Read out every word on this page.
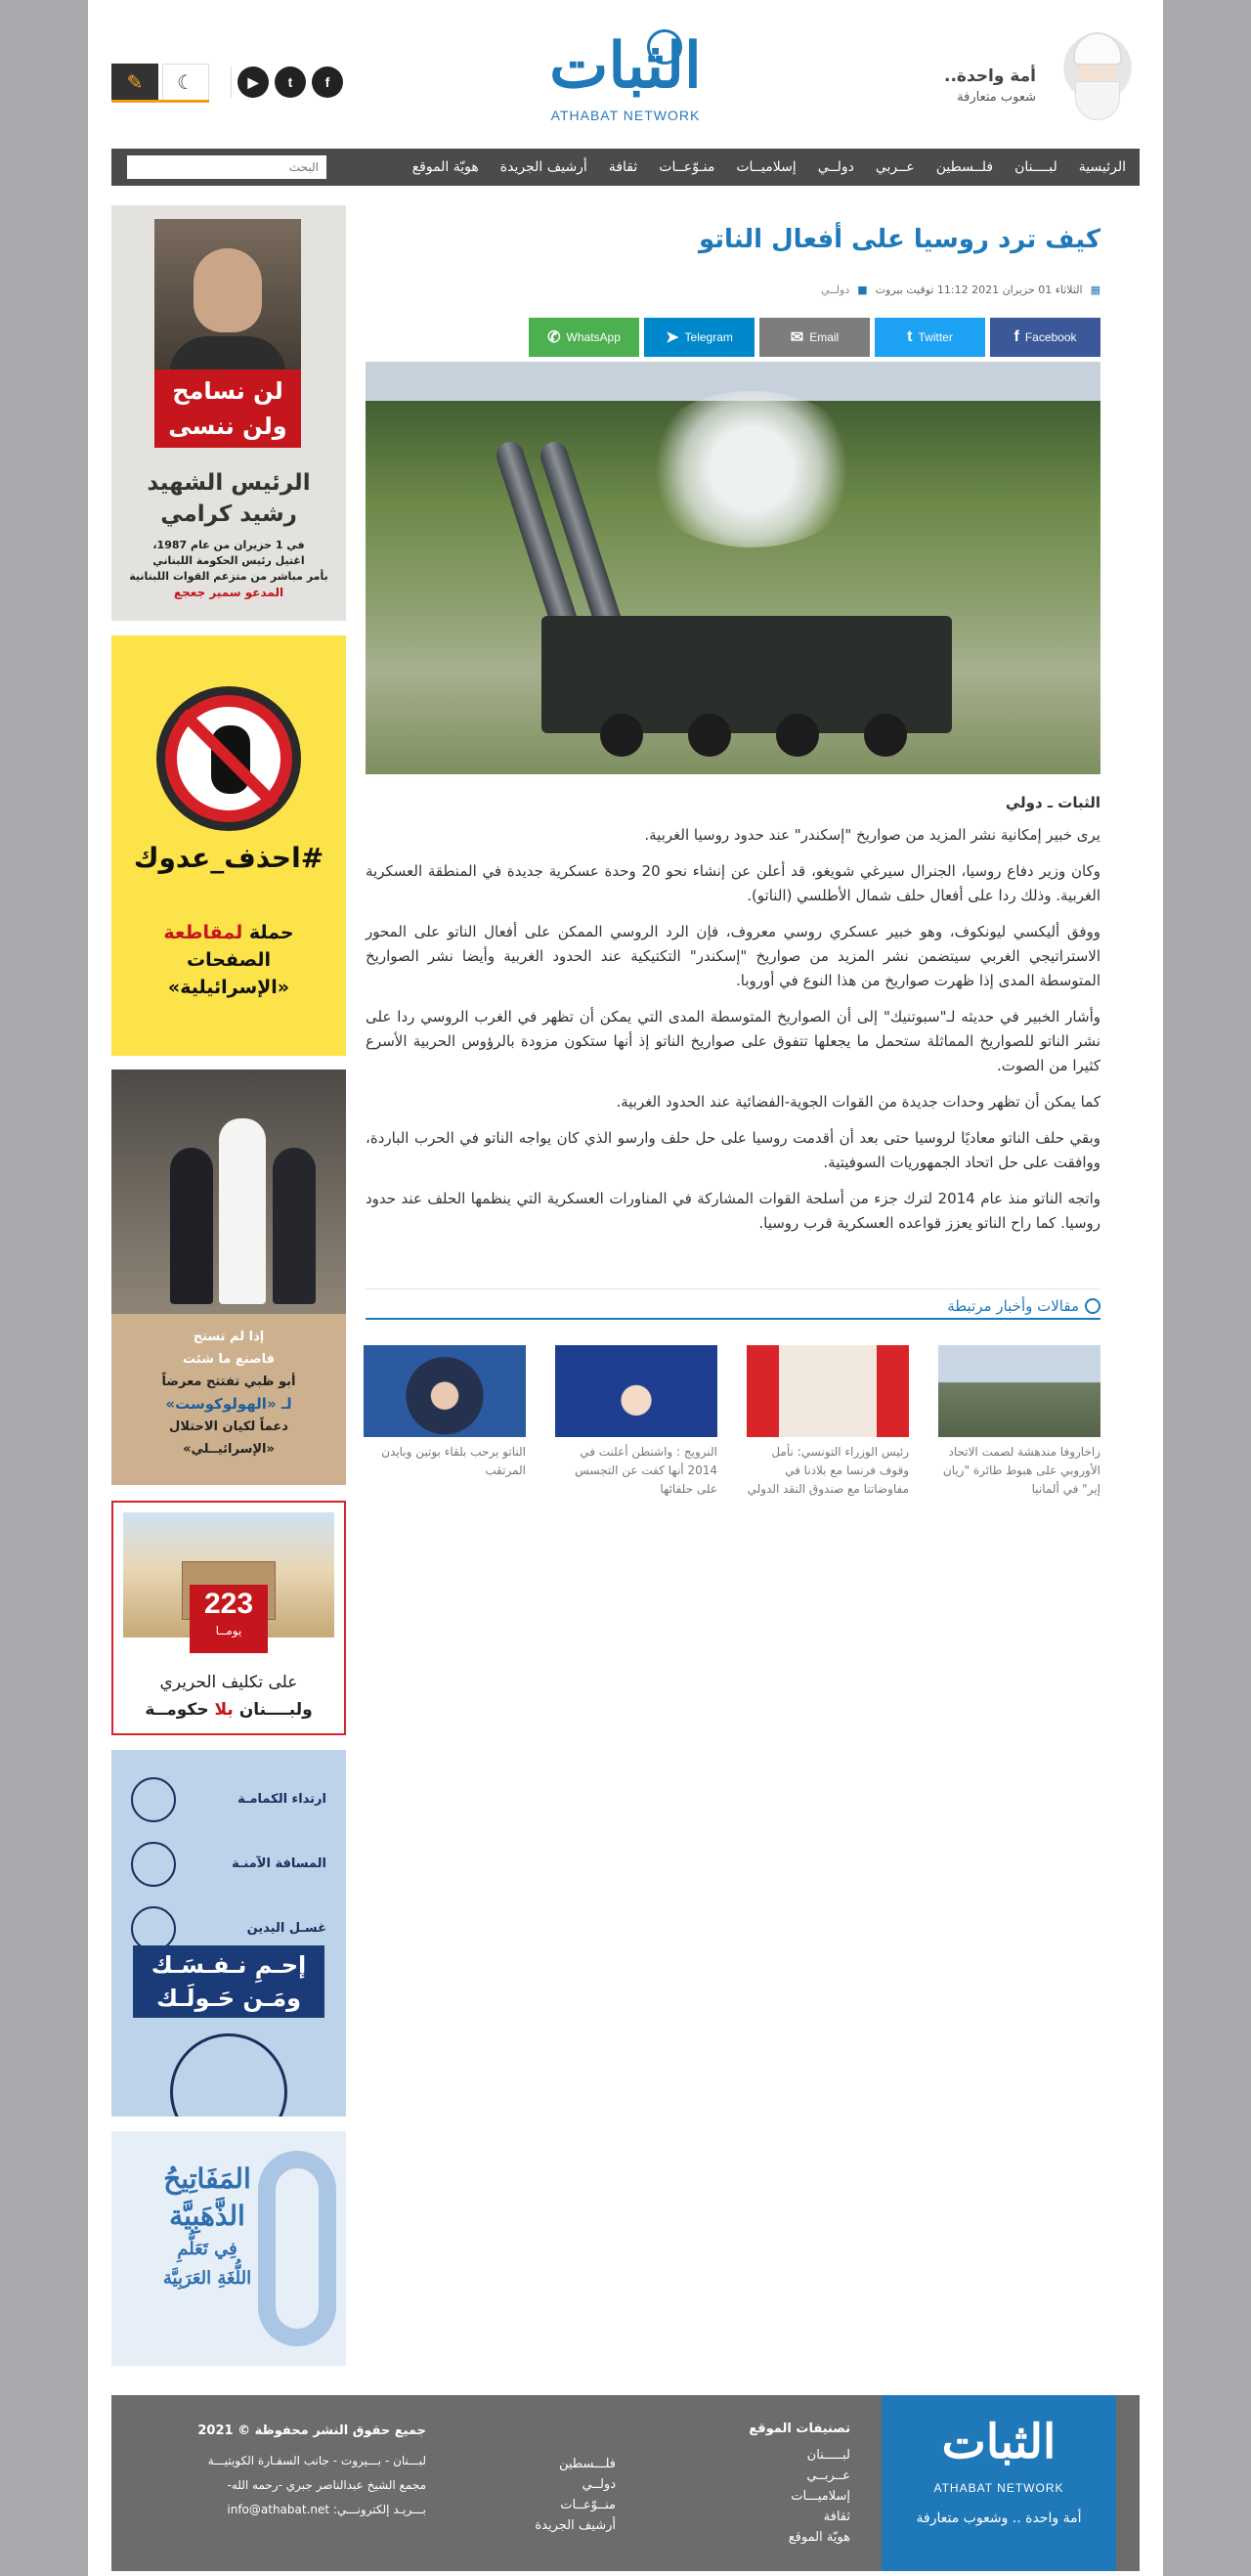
أمة واحدة..
شعوب متعارفة
الثبات
ATHABAT NETWORK
✎ ☾	▶	t	f
الرئيسية
لبــــنان
فلــسطين
عــربي
دولــي
إسلاميــات
منـوّعــات
ثقافة
أرشيف الجريدة
هويّة الموقع
البحث
لن نسامح ولن ننسى
الرئيس الشهيد رشيد كرامي
في 1 حزيران من عام 1987،
اغتيل رئيس الحكومة اللبناني
بأمر مباشر من متزعم القوات اللبنانية
المدعو سمير جعجع
#احذف_عدوك
حملة لمقاطعة
الصفحات
«الإسرائيلية»
إذا لم تستح
فاصنع ما شئت
أبو ظبي تفتتح معرضاً
لـ «الهولوكوست»
دعماً لكيان الاحتلال
«الإسرائيــلي»
223
يومــا
على تكليف الحريري
ولبــــنان بلا حكومــة
ارتداء الكمامـة
المسافة الآمنـة
غسـل اليدين
إحـمِ نـفـسَـك
ومَـن حَـولَـك
المَفَاتِيحُ
الذَّهَبِيَّة
فِي تَعَلُّمِ
اللُّغَةِ العَرَبِيَّة
كيف ترد روسيا على أفعال الناتو
▦
الثلاثاء 01 حزيران 2021 11:12 توقيت بيروت
■
دولــي
✆ WhatsApp	➤ Telegram	✉ Email	t Twitter	f Facebook
الثبات ـ دولي

يرى خبير إمكانية نشر المزيد من صواريخ "إسكندر" عند حدود روسيا الغربية.

وكان وزير دفاع روسيا، الجنرال سيرغي شويغو، قد أعلن عن إنشاء نحو 20 وحدة عسكرية جديدة في المنطقة العسكرية الغربية. وذلك ردا على أفعال حلف شمال الأطلسي (الناتو).

ووفق أليكسي ليونكوف، وهو خبير عسكري روسي معروف، فإن الرد الروسي الممكن على أفعال الناتو على المحور الاستراتيجي الغربي سيتضمن نشر المزيد من صواريخ "إسكندر" التكتيكية عند الحدود الغربية وأيضا نشر الصواريخ المتوسطة المدى إذا ظهرت صواريخ من هذا النوع في أوروبا.

وأشار الخبير في حديثه لـ"سبوتنيك" إلى أن الصواريخ المتوسطة المدى التي يمكن أن تظهر في الغرب الروسي ردا على نشر الناتو للصواريخ المماثلة ستحمل ما يجعلها تتفوق على صواريخ الناتو إذ أنها ستكون مزودة بالرؤوس الحربية الأسرع كثيرا من الصوت.

كما يمكن أن تظهر وحدات جديدة من القوات الجوية-الفضائية عند الحدود الغربية.

وبقي حلف الناتو معاديًا لروسيا حتى بعد أن أقدمت روسيا على حل حلف وارسو الذي كان يواجه الناتو في الحرب الباردة، ووافقت على حل اتحاد الجمهوريات السوفيتية.

واتجه الناتو منذ عام 2014 لترك جزء من أسلحة القوات المشاركة في المناورات العسكرية التي ينظمها الحلف عند حدود روسيا. كما راح الناتو يعزز قواعده العسكرية قرب روسيا.

مقالات وأخبار مرتبطة
زاخاروفا مندهشة لصمت الاتحاد الأوروبي على هبوط طائرة "ريان إير" في ألمانيا
رئيس الوزراء التونسي: نأمل وقوف فرنسا مع بلادنا في مفاوضاتنا مع صندوق النقد الدولي
النرويج : واشنطن أعلنت في 2014 أنها كفت عن التجسس على حلفائها
الناتو يرحب بلقاء بوتين وبايدن المرتقب
الثبات
ATHABAT NETWORK
أمة واحدة .. وشعوب متعارفة
تصنيفات الموقع
لبـــــنان
عــربــي
إسلاميـــات
ثقافة
هويّة الموقع
فلـــسطين
دولــي
منــوّعــات
أرشيف الجريدة
جميع حقوق النشر محفوظة © 2021
لبـــنان - بـــيروت - جانب السفـارة الكويتيـــة
مجمع الشيخ عبدالناصر جبري -رحمه الله-
بـــريـد إلكترونـــي: info@athabat.net
